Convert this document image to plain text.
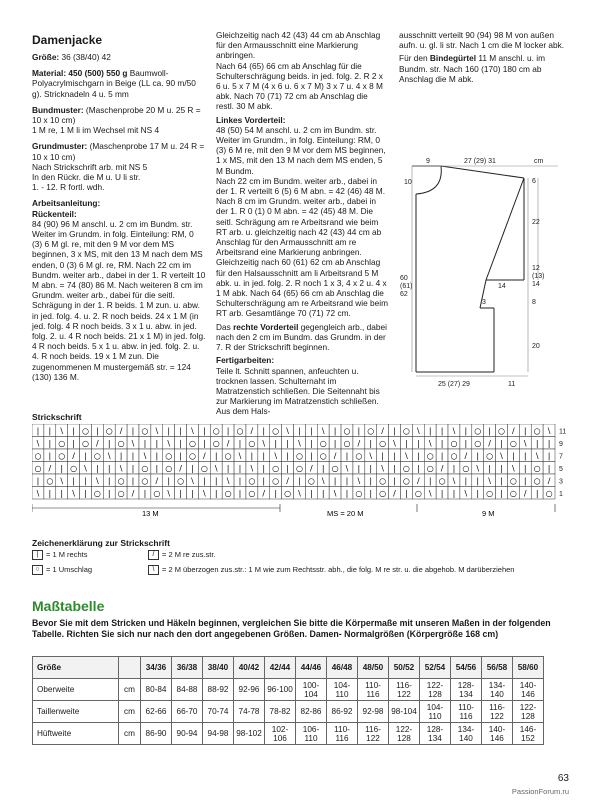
Damenjacke

Größe: 36 (38/40) 42

Material: 450 (500) 550 g Baumwoll-Polyacrylmischgarn in Beige (LL ca. 90 m/50 g). Stricknadeln 4 u. 5 mm

Bundmuster: (Maschenprobe 20 M u. 25 R = 10 x 10 cm)
1 M re, 1 M li im Wechsel mit NS 4

Grundmuster: (Maschenprobe 17 M u. 24 R = 10 x 10 cm)
Nach Strickschrift arb. mit NS 5
In den Rückr. die M u. U li str.
1. - 12. R fortl. wdh.

Arbeitsanleitung:

Rückenteil:

84 (90) 96 M anschl. u. 2 cm im Bundm. str. Weiter im Grundm. in folg. Einteilung: RM, 0 (3) 6 M gl. re, mit den 9 M vor dem MS beginnen, 3 x MS, mit den 13 M nach dem MS enden, 0 (3) 6 M gl. re, RM. Nach 22 cm im Bundm. weiter arb., dabei in der 1. R verteilt 10 M abn. = 74 (80) 86 M. Nach weiteren 8 cm im Grundm. weiter arb., dabei für die seitl. Schrägung in der 1. R beids. 1 M zun. u. abw. in jed. folg. 4. u. 2. R noch beids. 24 x 1 M (in jed. folg. 4 R noch beids. 3 x 1 u. abw. in jed. folg. 2. u. 4 R noch beids. 21 x 1 M) in jed. folg. 4 R noch beids. 5 x 1 u. abw. in jed. folg. 2. u. 4. R noch beids. 19 x 1 M zun. Die zugenommenen M mustergemäß str. = 124 (130) 136 M.

Gleichzeitig nach 42 (43) 44 cm ab Anschlag für den Armausschnitt eine Markierung anbringen.
Nach 64 (65) 66 cm ab Anschlag für die Schulterschrägung beids. in jed. folg. 2. R 2 x 6 u. 5 x 7 M (4 x 6 u. 6 x 7 M) 3 x 7 u. 4 x 8 M abk. Nach 70 (71) 72 cm ab Anschlag die restl. 30 M abk.

Linkes Vorderteil:

48 (50) 54 M anschl. u. 2 cm im Bundm. str. Weiter im Grundm., in folg. Einteilung: RM, 0 (3) 6 M re, mit den 9 M vor dem MS beginnen, 1 x MS, mit den 13 M nach dem MS enden, 5 M Bundm.
Nach 22 cm im Bundm. weiter arb., dabei in der 1. R verteilt 6 (5) 6 M abn. = 42 (46) 48 M. Nach 8 cm im Grundm. weiter arb., dabei in der 1. R 0 (1) 0 M abn. = 42 (45) 48 M. Die seitl. Schrägung am re Arbeitsrand wie beim RT arb. u. gleichzeitig nach 42 (43) 44 cm ab Anschlag für den Armausschnitt am re Arbeitsrand eine Markierung anbringen.
Gleichzeitig nach 60 (61) 62 cm ab Anschlag für den Halsausschnitt am li Arbeitsrand 5 M abk. u. in jed. folg. 2. R noch 1 x 3, 4 x 2 u. 4 x 1 M abk. Nach 64 (65) 66 cm ab Anschlag die Schulterschrägung am re Arbeitsrand wie beim RT arb. Gesamtlänge 70 (71) 72 cm.

Das rechte Vorderteil gegengleich arb., dabei nach den 2 cm im Bundm. das Grundm. in der 7. R der Strickschrift beginnen.

Fertigarbeiten:

Teile lt. Schnitt spannen, anfeuchten u. trocknen lassen. Schulternaht im Matratzenstich schließen. Die Seitennaht bis zur Markierung im Matratzenstich schließen. Aus dem Hals-

ausschnitt verteilt 90 (94) 98 M von außen aufn. u. gl. li str. Nach 1 cm die M locker abk.

Für den Bindegürtel 11 M anschl. u. im Bundm. str. Nach 160 (170) 180 cm ab Anschlag die M abk.

9	27 (29) 31	cm
10	6
22
12
(13)
14
14
3	8
60
(61)
62
20
25 (27) 29	11
Strickschrift
| | \ | ○ | ○ / | ○ \ | | \ | ○ | ○ / | ○ \ | | \ | ○ | ○ / | ○ \ | | \ | ○ | ○ / | ○ \
\ | ○ | ○ / | ○ \ | | \ | ○ | ○ / | ○ \ | | \ | ○ | ○ / | ○ \ | | \ | ○ | ○ / | ○ \ | |
○ | ○ / | ○ \ | | \ | ○ | ○ / | ○ \ | | \ | ○ | ○ / | ○ \ | | \ | ○ | ○ / | ○ \ | | \ |
○ / | ○ \ | | \ | ○ | ○ / | ○ \ | | \ | ○ | ○ / | ○ \ | | \ | ○ | ○ / | ○ \ | | \ | ○ |
| ○ \ | | \ | ○ | ○ / | ○ \ | | \ | ○ | ○ / | ○ \ | | \ | ○ | ○ / | ○ \ | | \ | ○ | ○ /
\ | | \ | ○ | ○ / | ○ \ | | \ | ○ | ○ / | ○ \ | | \ | ○ | ○ / | ○ \ | | \ | ○ | ○ / | ○
11
9
7
5
3
1
13 M	MS = 20 M	9 M
Zeichenerklärung zur Strickschrift
| = 1 M rechts
○ = 1 Umschlag
/ = 2 M re zus.str.
\ = 2 M überzogen zus.str.: 1 M wie zum Rechtsstr. abh., die folg. M re str. u. die abgehob. M darüberziehen
Maßtabelle
Bevor Sie mit dem Stricken und Häkeln beginnen, vergleichen Sie bitte die Körpermaße mit unseren Maßen in der folgenden Tabelle. Richten Sie sich nur nach den dort angegebenen Größen. Damen- Normalgrößen (Körpergröße 168 cm)
Größe		34/36	36/38	38/40	40/42	42/44	44/46	46/48	48/50	50/52	52/54	54/56	56/58	58/60
Oberweite	cm	80-84	84-88	88-92	92-96	96-100	100-104	104-110	110-116	116-122	122-128	128-134	134-140	140-146
Taillenweite	cm	62-66	66-70	70-74	74-78	78-82	82-86	86-92	92-98	98-104	104-110	110-116	116-122	122-128
Hüftweite	cm	86-90	90-94	94-98	98-102	102-106	106-110	110-116	116-122	122-128	128-134	134-140	140-146	146-152
63
PassionForum.ru
